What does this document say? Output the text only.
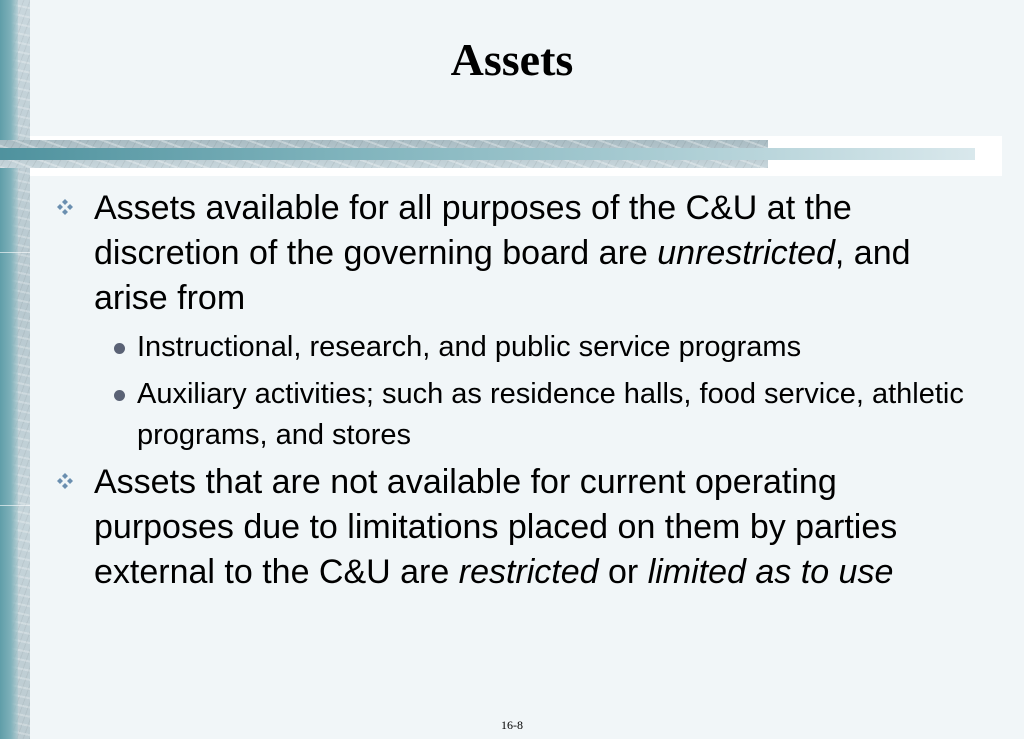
Assets
Assets available for all purposes of the C&U at the discretion of the governing board are unrestricted, and arise from
Instructional, research, and public service programs
Auxiliary activities; such as residence halls, food service, athletic programs, and stores
Assets that are not available for current operating purposes due to limitations placed on them by parties external to the C&U are restricted or limited as to use
16-8
